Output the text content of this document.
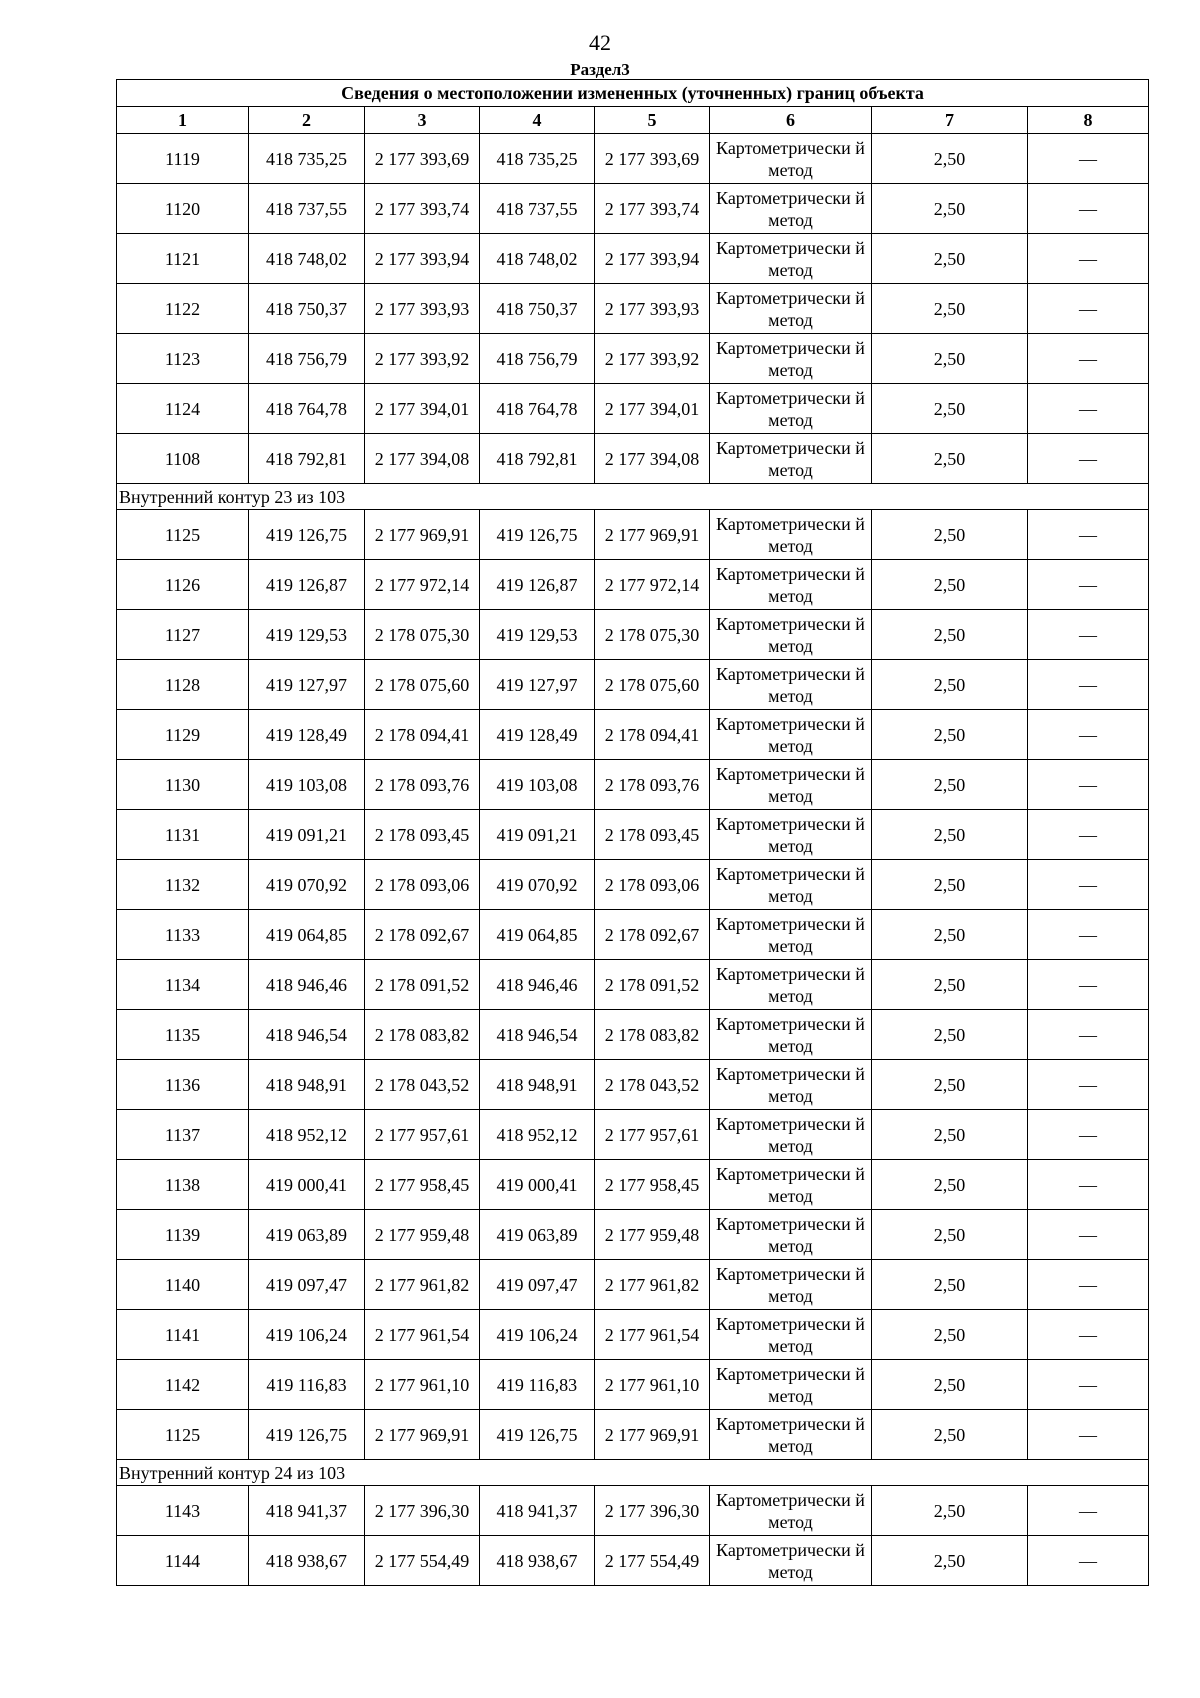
42
Раздел3
Сведения о местоположении измененных (уточненных) границ объекта							
1	2	3	4	5	6	7	8
1119	418 735,25	2 177 393,69	418 735,25	2 177 393,69	Картометрически й метод	2,50	—
1120	418 737,55	2 177 393,74	418 737,55	2 177 393,74	Картометрически й метод	2,50	—
1121	418 748,02	2 177 393,94	418 748,02	2 177 393,94	Картометрически й метод	2,50	—
1122	418 750,37	2 177 393,93	418 750,37	2 177 393,93	Картометрически й метод	2,50	—
1123	418 756,79	2 177 393,92	418 756,79	2 177 393,92	Картометрически й метод	2,50	—
1124	418 764,78	2 177 394,01	418 764,78	2 177 394,01	Картометрически й метод	2,50	—
1108	418 792,81	2 177 394,08	418 792,81	2 177 394,08	Картометрически й метод	2,50	—
Внутренний контур 23 из 103							
1125	419 126,75	2 177 969,91	419 126,75	2 177 969,91	Картометрически й метод	2,50	—
1126	419 126,87	2 177 972,14	419 126,87	2 177 972,14	Картометрически й метод	2,50	—
1127	419 129,53	2 178 075,30	419 129,53	2 178 075,30	Картометрически й метод	2,50	—
1128	419 127,97	2 178 075,60	419 127,97	2 178 075,60	Картометрически й метод	2,50	—
1129	419 128,49	2 178 094,41	419 128,49	2 178 094,41	Картометрически й метод	2,50	—
1130	419 103,08	2 178 093,76	419 103,08	2 178 093,76	Картометрически й метод	2,50	—
1131	419 091,21	2 178 093,45	419 091,21	2 178 093,45	Картометрически й метод	2,50	—
1132	419 070,92	2 178 093,06	419 070,92	2 178 093,06	Картометрически й метод	2,50	—
1133	419 064,85	2 178 092,67	419 064,85	2 178 092,67	Картометрически й метод	2,50	—
1134	418 946,46	2 178 091,52	418 946,46	2 178 091,52	Картометрически й метод	2,50	—
1135	418 946,54	2 178 083,82	418 946,54	2 178 083,82	Картометрически й метод	2,50	—
1136	418 948,91	2 178 043,52	418 948,91	2 178 043,52	Картометрически й метод	2,50	—
1137	418 952,12	2 177 957,61	418 952,12	2 177 957,61	Картометрически й метод	2,50	—
1138	419 000,41	2 177 958,45	419 000,41	2 177 958,45	Картометрически й метод	2,50	—
1139	419 063,89	2 177 959,48	419 063,89	2 177 959,48	Картометрически й метод	2,50	—
1140	419 097,47	2 177 961,82	419 097,47	2 177 961,82	Картометрически й метод	2,50	—
1141	419 106,24	2 177 961,54	419 106,24	2 177 961,54	Картометрически й метод	2,50	—
1142	419 116,83	2 177 961,10	419 116,83	2 177 961,10	Картометрически й метод	2,50	—
1125	419 126,75	2 177 969,91	419 126,75	2 177 969,91	Картометрически й метод	2,50	—
Внутренний контур 24 из 103							
1143	418 941,37	2 177 396,30	418 941,37	2 177 396,30	Картометрически й метод	2,50	—
1144	418 938,67	2 177 554,49	418 938,67	2 177 554,49	Картометрически й метод	2,50	—
